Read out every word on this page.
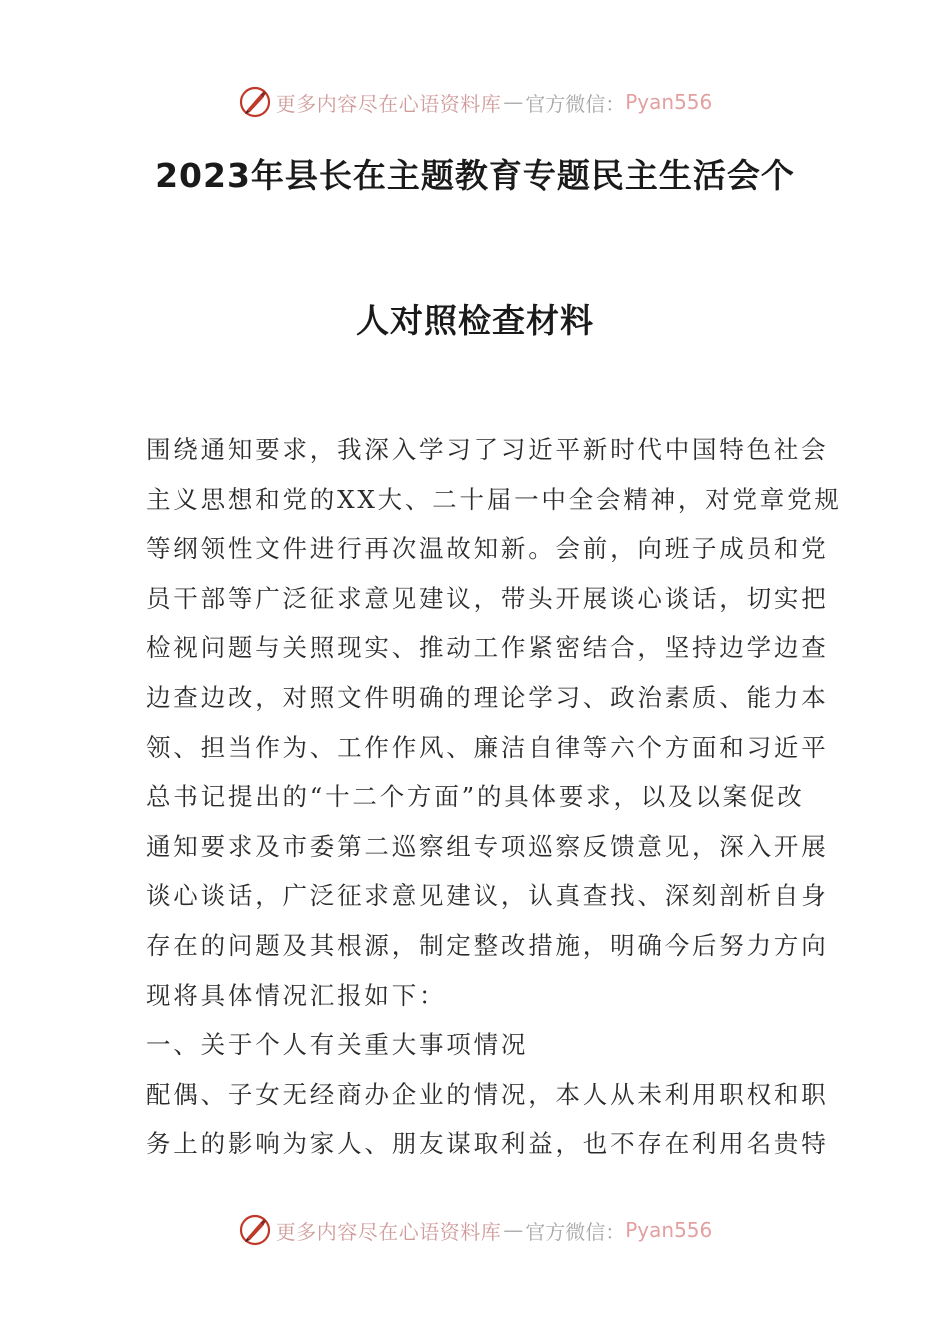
更多内容尽在心语资料库 — 官方微信： Pyan556
2023年县长在主题教育专题民主生活会个
人对照检查材料
围绕通知要求，我深入学习了习近平新时代中国特色社会
主义思想和党的XX大、二十届一中全会精神，对党章党规
等纲领性文件进行再次温故知新。会前，向班子成员和党
员干部等广泛征求意见建议，带头开展谈心谈话，切实把
检视问题与关照现实、推动工作紧密结合，坚持边学边查
边查边改，对照文件明确的理论学习、政治素质、能力本
领、担当作为、工作作风、廉洁自律等六个方面和习近平
总书记提出的“十二个方面”的具体要求，以及以案促改
通知要求及市委第二巡察组专项巡察反馈意见，深入开展
谈心谈话，广泛征求意见建议，认真查找、深刻剖析自身
存在的问题及其根源，制定整改措施，明确今后努力方向
现将具体情况汇报如下：
一、关于个人有关重大事项情况
配偶、子女无经商办企业的情况，本人从未利用职权和职
务上的影响为家人、朋友谋取利益，也不存在利用名贵特
更多内容尽在心语资料库 — 官方微信： Pyan556
